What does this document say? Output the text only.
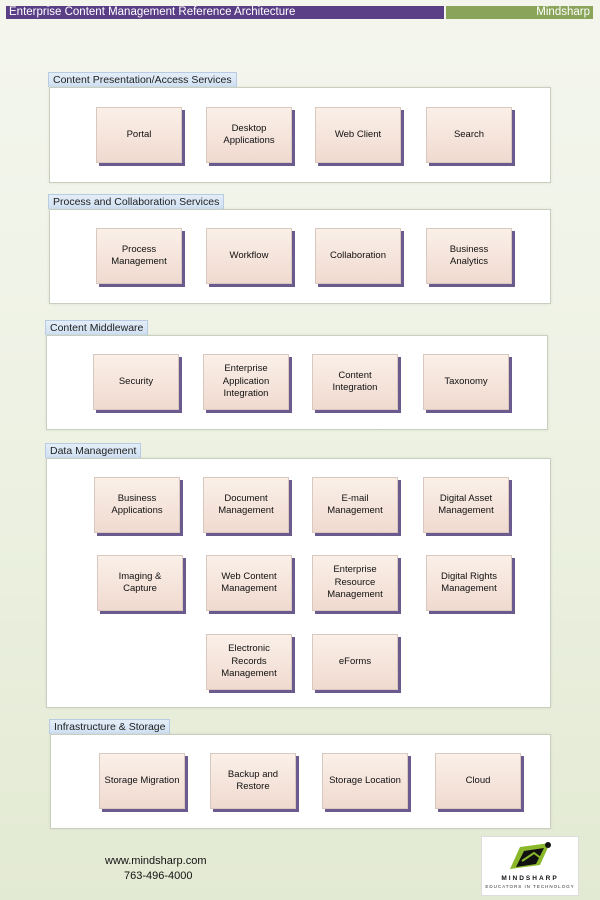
Enterprise Content Management Reference Architecture	Mindsharp
Content Presentation/Access Services
Portal
Desktop
Applications
Web Client	Search
Process and Collaboration Services
Process
Management
Workflow	Collaboration
Business Analytics
Content Middleware
Security
Enterprise
Application
Integration
Content
Integration
Taxonomy
Data Management
Business
Applications
Document
Management
E-mail
Management
Digital Asset
Management
Imaging & Capture
Web Content
Management
Enterprise
Resource
Management
Digital Rights
Management
Electronic Records
Management
eForms
Infrastructure & Storage
Storage Migration
Backup and Restore
Storage Location	Cloud
www.mindsharp.com
763-496-4000	MINDSHARP
EDUCATORS IN TECHNOLOGY
